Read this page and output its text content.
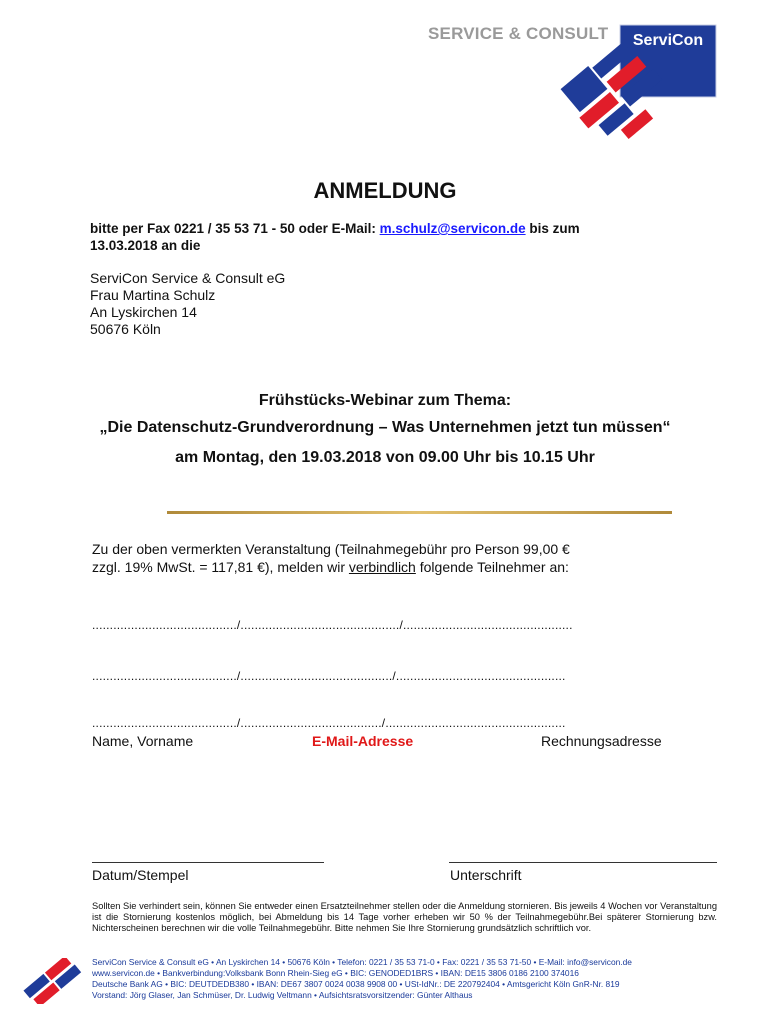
SERVICE & CONSULT ServiCon
ANMELDUNG
bitte per Fax 0221 / 35 53 71 - 50 oder E-Mail: m.schulz@servicon.de bis zum
13.03.2018 an die
ServiCon Service & Consult eG
Frau Martina Schulz
An Lyskirchen 14
50676 Köln
Frühstücks-Webinar zum Thema:
„Die Datenschutz-Grundverordnung – Was Unternehmen jetzt tun müssen“
am Montag, den 19.03.2018 von 09.00 Uhr bis 10.15 Uhr
Zu der oben vermerkten Veranstaltung (Teilnahmegebühr pro Person 99,00 €
zzgl. 19% MwSt. = 117,81 €), melden wir verbindlich folgende Teilnehmer an:
........................................./............................................./................................................
........................................./.........................................../................................................
........................................./......................................../...................................................
Name, Vorname	E-Mail-Adresse	Rechnungsadresse
Datum/Stempel	Unterschrift
Sollten Sie verhindert sein, können Sie entweder einen Ersatzteilnehmer stellen oder die Anmeldung stornieren. Bis jeweils 4 Wochen vor Veranstaltung ist die Stornierung kostenlos möglich, bei Abmeldung bis 14 Tage vorher erheben wir 50 % der Teilnahmegebühr.Bei späterer Stornierung bzw. Nichterscheinen berechnen wir die volle Teilnahmegebühr. Bitte nehmen Sie Ihre Stornierung grundsätzlich schriftlich vor.
ServiCon Service & Consult eG • An Lyskirchen 14 • 50676 Köln • Telefon: 0221 / 35 53 71-0 • Fax: 0221 / 35 53 71-50 • E-Mail: info@servicon.de
www.servicon.de • Bankverbindung:Volksbank Bonn Rhein-Sieg eG • BIC: GENODED1BRS • IBAN: DE15 3806 0186 2100 374016
Deutsche Bank AG • BIC: DEUTDEDB380 • IBAN: DE67 3807 0024 0038 9908 00 • USt-IdNr.: DE 220792404 • Amtsgericht Köln GnR-Nr. 819
Vorstand: Jörg Glaser, Jan Schmüser, Dr. Ludwig Veltmann • Aufsichtsratsvorsitzender: Günter Althaus
